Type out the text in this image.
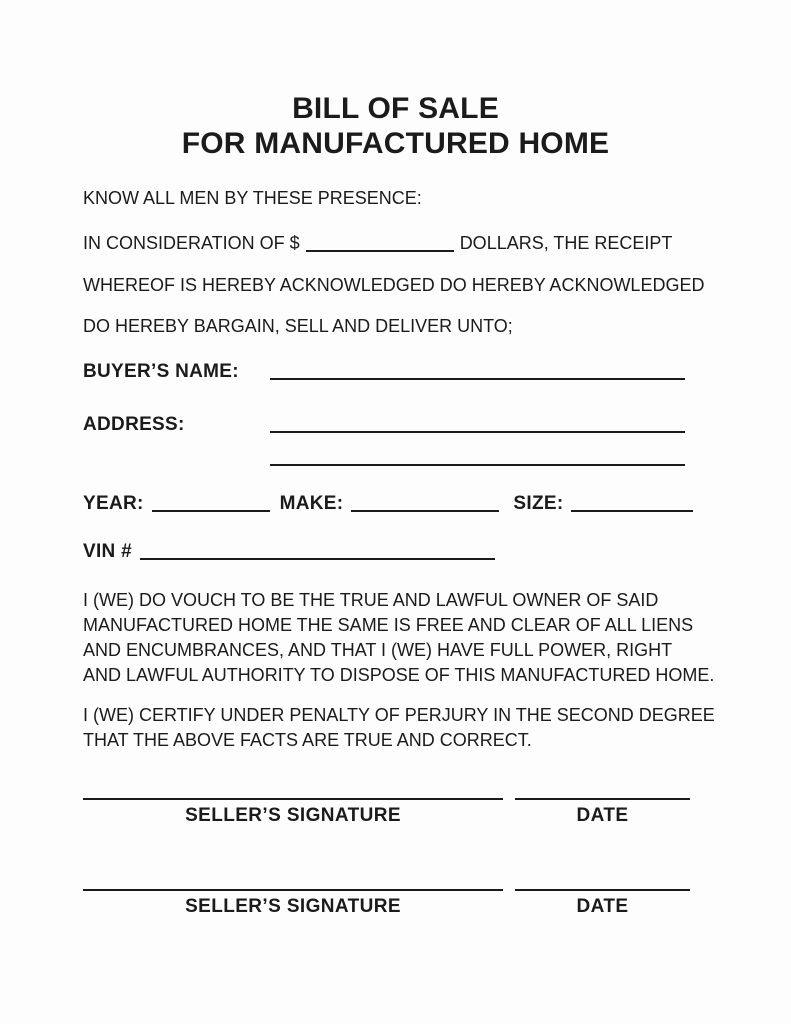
BILL OF SALE
FOR MANUFACTURED HOME

KNOW ALL MEN BY THESE PRESENCE:

IN CONSIDERATION OF $	DOLLARS, THE RECEIPT

WHEREOF IS HEREBY ACKNOWLEDGED DO HEREBY ACKNOWLEDGED

DO HEREBY BARGAIN, SELL AND DELIVER UNTO;

BUYER’S NAME:
ADDRESS:
YEAR:	MAKE:	SIZE:
VIN #

I (WE) DO VOUCH TO BE THE TRUE AND LAWFUL OWNER OF SAID
MANUFACTURED HOME THE SAME IS FREE AND CLEAR OF ALL LIENS
AND ENCUMBRANCES, AND THAT I (WE) HAVE FULL POWER, RIGHT
AND LAWFUL AUTHORITY TO DISPOSE OF THIS MANUFACTURED HOME.

I (WE) CERTIFY UNDER PENALTY OF PERJURY IN THE SECOND DEGREE
THAT THE ABOVE FACTS ARE TRUE AND CORRECT.

SELLER’S SIGNATURE	DATE
SELLER’S SIGNATURE	DATE
